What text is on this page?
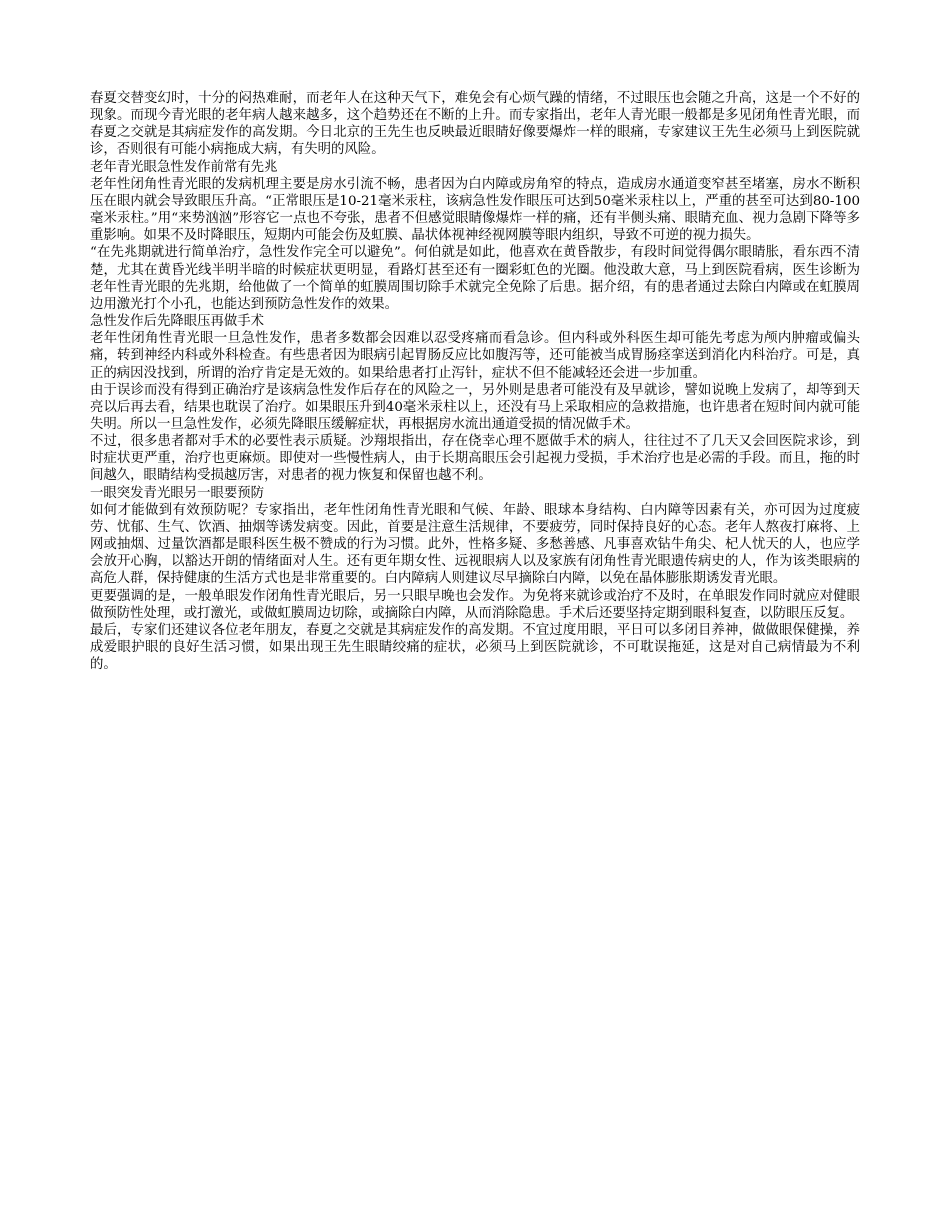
春夏交替变幻时，十分的闷热难耐，而老年人在这种天气下，难免会有心烦气躁的情绪，不过眼压也会随之升高，这是一个不好的现象。而现今青光眼的老年病人越来越多，这个趋势还在不断的上升。而专家指出，老年人青光眼一般都是多见闭角性青光眼，而春夏之交就是其病症发作的高发期。今日北京的王先生也反映最近眼睛好像要爆炸一样的眼痛，专家建议王先生必须马上到医院就诊，否则很有可能小病拖成大病，有失明的风险。

老年青光眼急性发作前常有先兆

老年性闭角性青光眼的发病机理主要是房水引流不畅，患者因为白内障或房角窄的特点，造成房水通道变窄甚至堵塞，房水不断积压在眼内就会导致眼压升高。“正常眼压是10-21毫米汞柱，该病急性发作眼压可达到50毫米汞柱以上，严重的甚至可达到80-100毫米汞柱。”用“来势汹汹”形容它一点也不夸张，患者不但感觉眼睛像爆炸一样的痛，还有半侧头痛、眼睛充血、视力急剧下降等多重影响。如果不及时降眼压，短期内可能会伤及虹膜、晶状体视神经视网膜等眼内组织，导致不可逆的视力损失。

“在先兆期就进行简单治疗，急性发作完全可以避免”。何伯就是如此，他喜欢在黄昏散步，有段时间觉得偶尔眼睛胀，看东西不清楚，尤其在黄昏光线半明半暗的时候症状更明显，看路灯甚至还有一圈彩虹色的光圈。他没敢大意，马上到医院看病，医生诊断为老年性青光眼的先兆期，给他做了一个简单的虹膜周围切除手术就完全免除了后患。据介绍，有的患者通过去除白内障或在虹膜周边用激光打个小孔，也能达到预防急性发作的效果。

急性发作后先降眼压再做手术

老年性闭角性青光眼一旦急性发作，患者多数都会因难以忍受疼痛而看急诊。但内科或外科医生却可能先考虑为颅内肿瘤或偏头痛，转到神经内科或外科检查。有些患者因为眼病引起胃肠反应比如腹泻等，还可能被当成胃肠痉挛送到消化内科治疗。可是，真正的病因没找到，所谓的治疗肯定是无效的。如果给患者打止泻针，症状不但不能减轻还会进一步加重。

由于误诊而没有得到正确治疗是该病急性发作后存在的风险之一，另外则是患者可能没有及早就诊，譬如说晚上发病了，却等到天亮以后再去看，结果也耽误了治疗。如果眼压升到40毫米汞柱以上，还没有马上采取相应的急救措施，也许患者在短时间内就可能失明。所以一旦急性发作，必须先降眼压缓解症状，再根据房水流出通道受损的情况做手术。

不过，很多患者都对手术的必要性表示质疑。沙翔垠指出，存在侥幸心理不愿做手术的病人，往往过不了几天又会回医院求诊，到时症状更严重，治疗也更麻烦。即使对一些慢性病人，由于长期高眼压会引起视力受损，手术治疗也是必需的手段。而且，拖的时间越久，眼睛结构受损越厉害，对患者的视力恢复和保留也越不利。

一眼突发青光眼另一眼要预防

如何才能做到有效预防呢？专家指出，老年性闭角性青光眼和气候、年龄、眼球本身结构、白内障等因素有关，亦可因为过度疲劳、忧郁、生气、饮酒、抽烟等诱发病变。因此，首要是注意生活规律，不要疲劳，同时保持良好的心态。老年人熬夜打麻将、上网或抽烟、过量饮酒都是眼科医生极不赞成的行为习惯。此外，性格多疑、多愁善感、凡事喜欢钻牛角尖、杞人忧天的人，也应学会放开心胸，以豁达开朗的情绪面对人生。还有更年期女性、远视眼病人以及家族有闭角性青光眼遗传病史的人，作为该类眼病的高危人群，保持健康的生活方式也是非常重要的。白内障病人则建议尽早摘除白内障，以免在晶体膨胀期诱发青光眼。

更要强调的是，一般单眼发作闭角性青光眼后，另一只眼早晚也会发作。为免将来就诊或治疗不及时，在单眼发作同时就应对健眼做预防性处理，或打激光，或做虹膜周边切除，或摘除白内障，从而消除隐患。手术后还要坚持定期到眼科复查，以防眼压反复。

最后，专家们还建议各位老年朋友，春夏之交就是其病症发作的高发期。不宜过度用眼，平日可以多闭目养神，做做眼保健操，养成爱眼护眼的良好生活习惯，如果出现王先生眼睛绞痛的症状，必须马上到医院就诊，不可耽误拖延，这是对自己病情最为不利的。
